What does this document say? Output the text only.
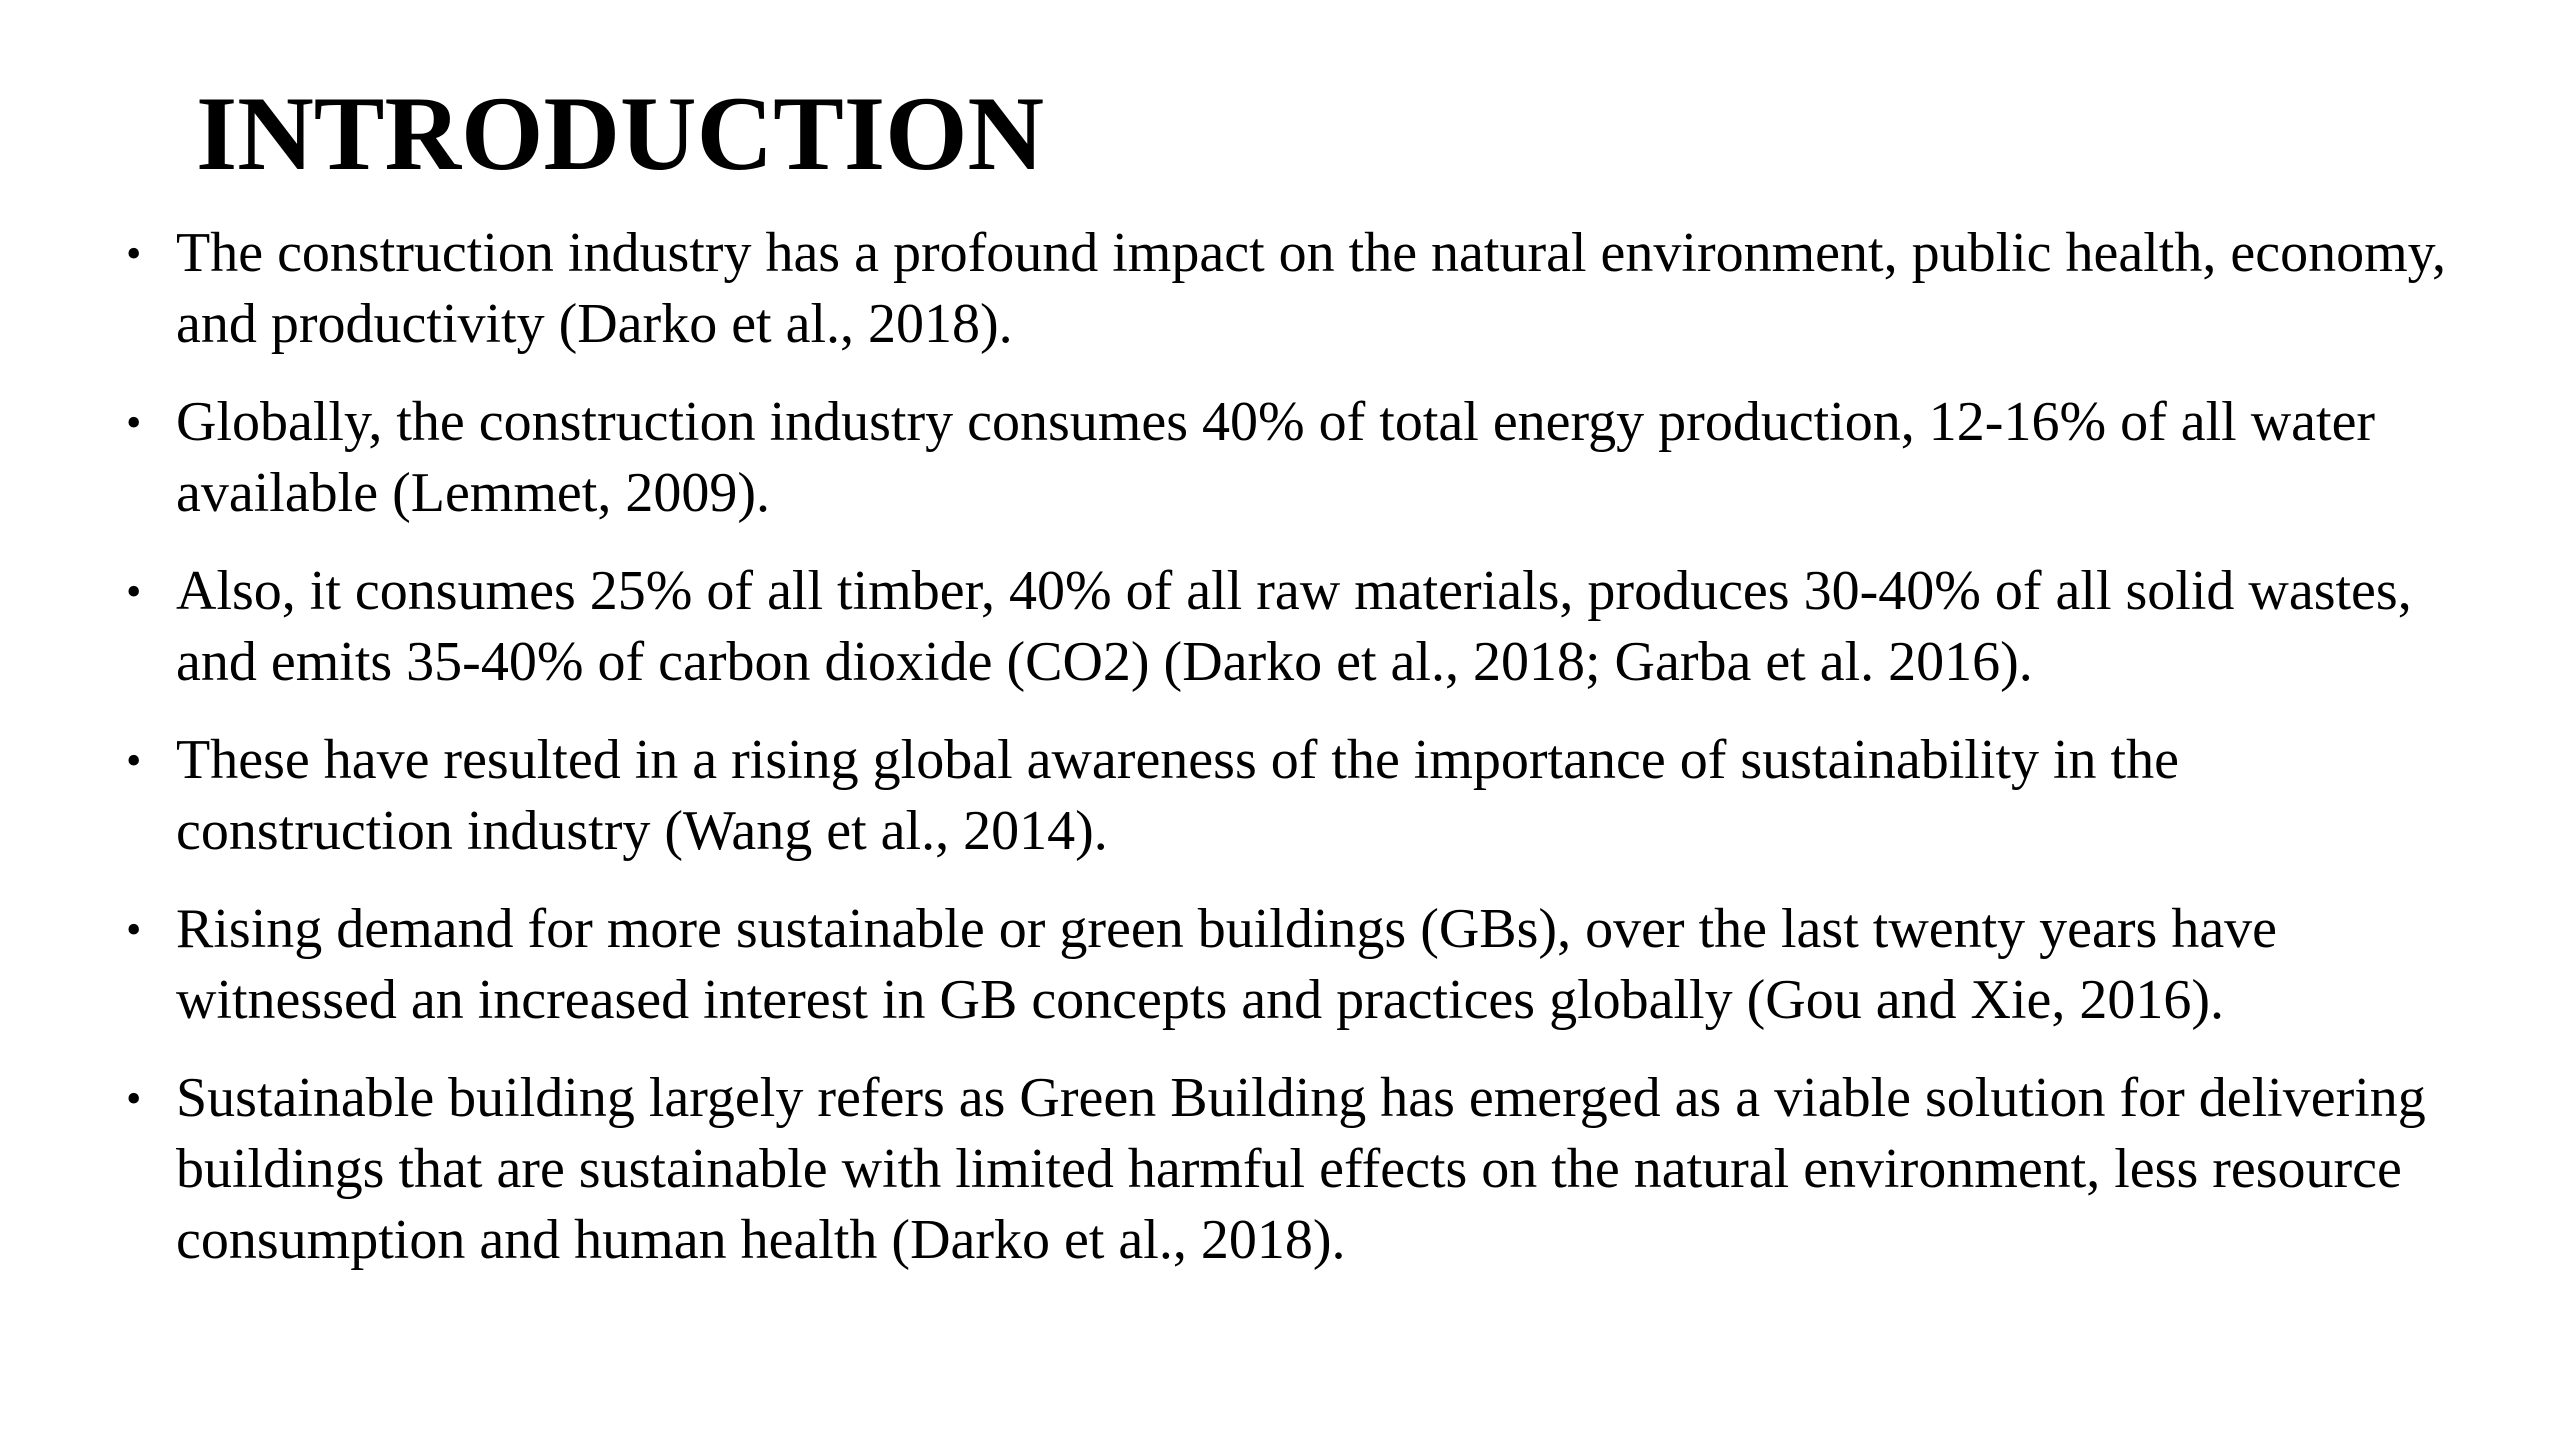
INTRODUCTION
• The construction industry has a profound impact on the natural environment, public health, economy, and productivity (Darko et al., 2018).
• Globally, the construction industry consumes 40% of total energy production, 12-16% of all water available (Lemmet, 2009).
• Also, it consumes 25% of all timber, 40% of all raw materials, produces 30-40% of all solid wastes, and emits 35-40% of carbon dioxide (CO2) (Darko et al., 2018; Garba et al. 2016).
• These have resulted in a rising global awareness of the importance of sustainability in the construction industry (Wang et al., 2014).
• Rising demand for more sustainable or green buildings (GBs), over the last twenty years have witnessed an increased interest in GB concepts and practices globally (Gou and Xie, 2016).
• Sustainable building largely refers as Green Building has emerged as a viable solution for delivering buildings that are sustainable with limited harmful effects on the natural environment, less resource consumption and human health (Darko et al., 2018).
